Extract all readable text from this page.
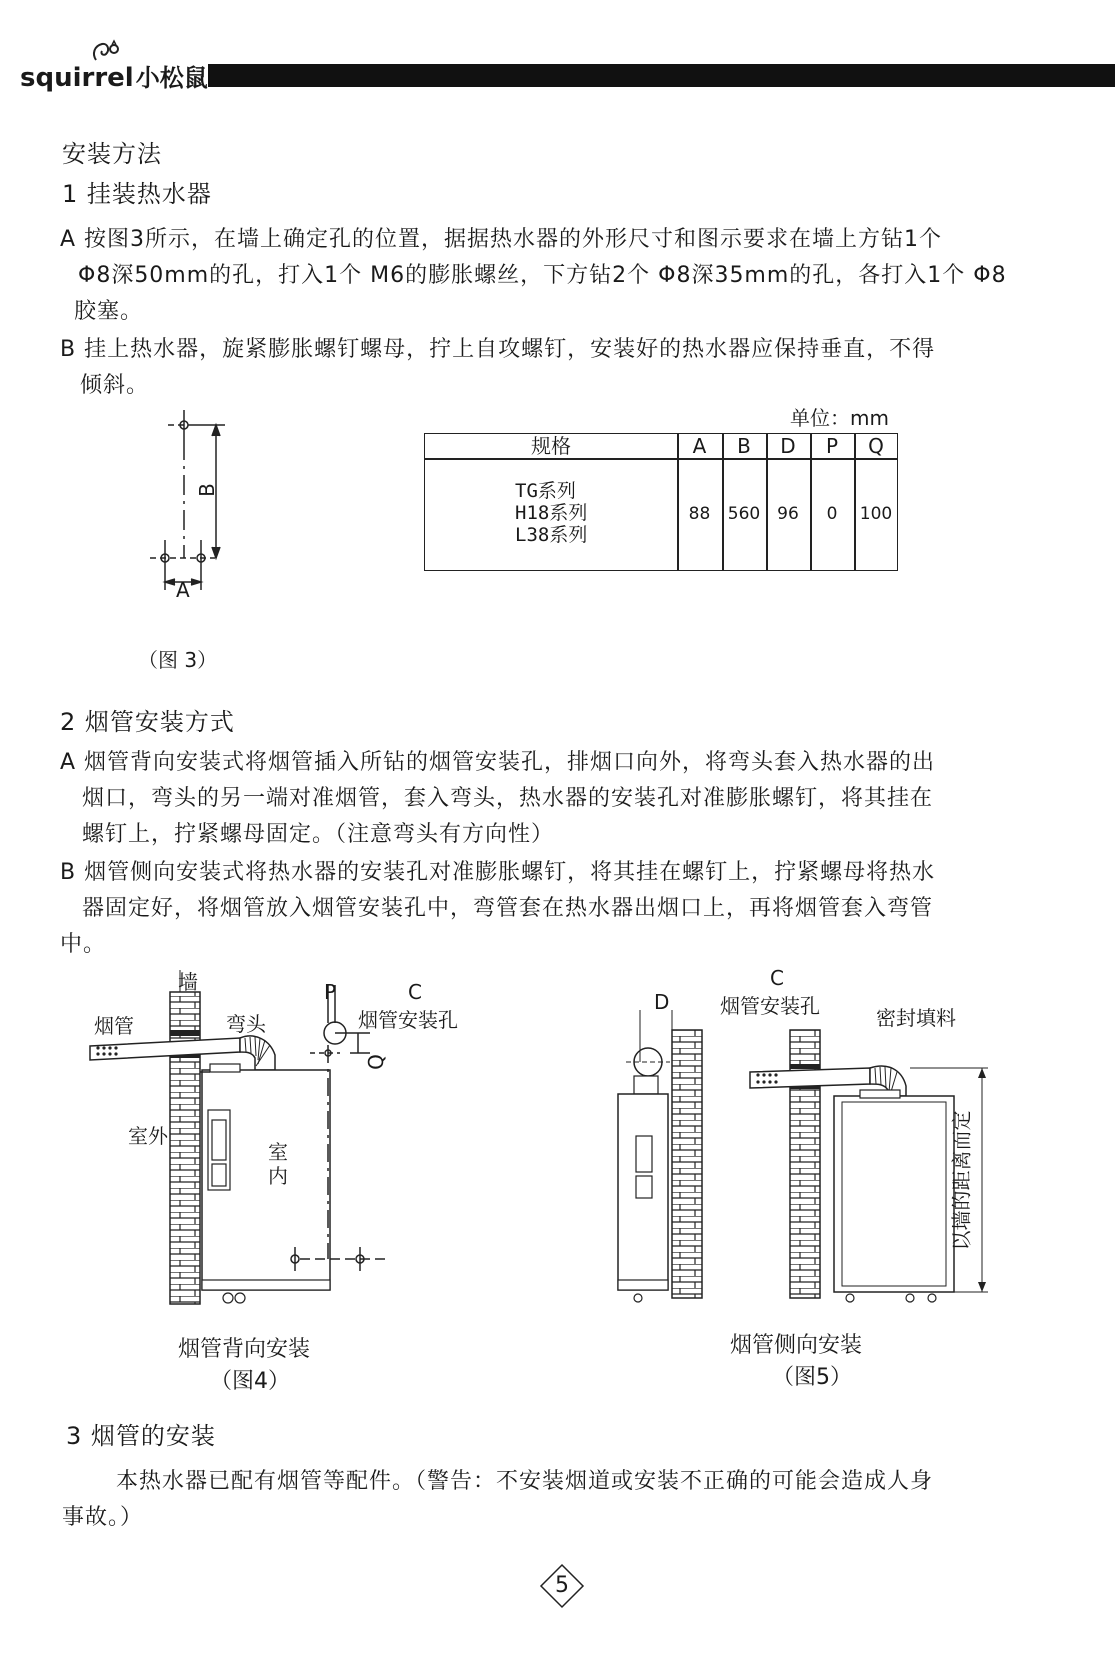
squirrel小松鼠
安装方法
1 挂装热水器
A 按图3所示，在墙上确定孔的位置，据据热水器的外形尺寸和图示要求在墙上方钻1个
Φ8深50mm的孔，打入1个 M6的膨胀螺丝，下方钻2个 Φ8深35mm的孔，各打入1个 Φ8
胶塞。
B 挂上热水器，旋紧膨胀螺钉螺母，拧上自攻螺钉，安装好的热水器应保持垂直，不得
倾斜。
B
A
（图 3）
单位：mm
规格	A	B	D	P	Q
TG系列
H18系列
L38系列
88	560 96	0	100
2 烟管安装方式
A 烟管背向安装式将烟管插入所钻的烟管安装孔，排烟口向外，将弯头套入热水器的出
烟口，弯头的另一端对准烟管，套入弯头，热水器的安装孔对准膨胀螺钉，将其挂在
螺钉上，拧紧螺母固定。（注意弯头有方向性）
B 烟管侧向安装式将热水器的安装孔对准膨胀螺钉，将其挂在螺钉上，拧紧螺母将热水
器固定好，将烟管放入烟管安装孔中，弯管套在热水器出烟口上，再将烟管套入弯管
中。
墙
烟管	弯头
室外
室内
P	C
烟管安装孔
Q
烟管背向安装
（图4）
D
C
烟管安装孔	密封填料
以墙的距离而定
烟管侧向安装
（图5）
3 烟管的安装
本热水器已配有烟管等配件。（警告：不安装烟道或安装不正确的可能会造成人身
事故。）
5
